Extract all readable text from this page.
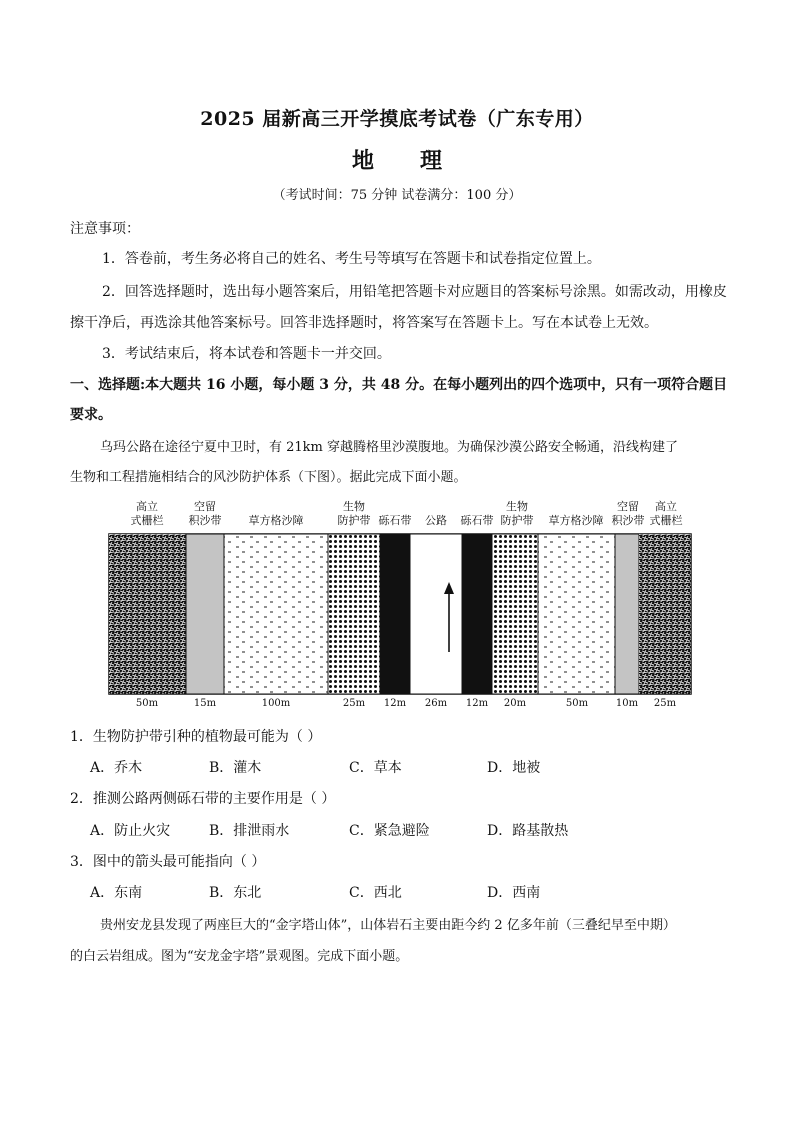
2025 届新高三开学摸底考试卷（广东专用）
地理
（考试时间：75 分钟 试卷满分：100 分）
注意事项：
1．答卷前，考生务必将自己的姓名、考生号等填写在答题卡和试卷指定位置上。
2．回答选择题时，选出每小题答案后，用铅笔把答题卡对应题目的答案标号涂黑。如需改动，用橡皮
擦干净后，再选涂其他答案标号。回答非选择题时，将答案写在答题卡上。写在本试卷上无效。
3．考试结束后，将本试卷和答题卡一并交回。
一、选择题:本大题共 16 小题，每小题 3 分，共 48 分。在每小题列出的四个选项中，只有一项符合题目
要求。
乌玛公路在途径宁夏中卫时，有 21km 穿越腾格里沙漠腹地。为确保沙漠公路安全畅通，沿线构建了
生物和工程措施相结合的风沙防护体系（下图）。据此完成下面小题。
高立
式栅栏
空留
积沙带
	草方格沙障
生物
防护带
砾石带
	公路
	砾石带
生物
防护带
	草方格沙障
空留
积沙带
高立
式栅栏
50m	15m	100m	25m	12m	26m	12m	20m	50m	10m	25m
1．生物防护带引种的植物最可能为（ ）
A．乔木	B．灌木	C．草本	D．地被
2．推测公路两侧砾石带的主要作用是（ ）
A．防止火灾	B．排泄雨水	C．紧急避险	D．路基散热
3．图中的箭头最可能指向（ ）
A．东南	B．东北	C．西北	D．西南
贵州安龙县发现了两座巨大的“金字塔山体”，山体岩石主要由距今约 2 亿多年前（三叠纪早至中期）
的白云岩组成。图为“安龙金字塔”景观图。完成下面小题。
